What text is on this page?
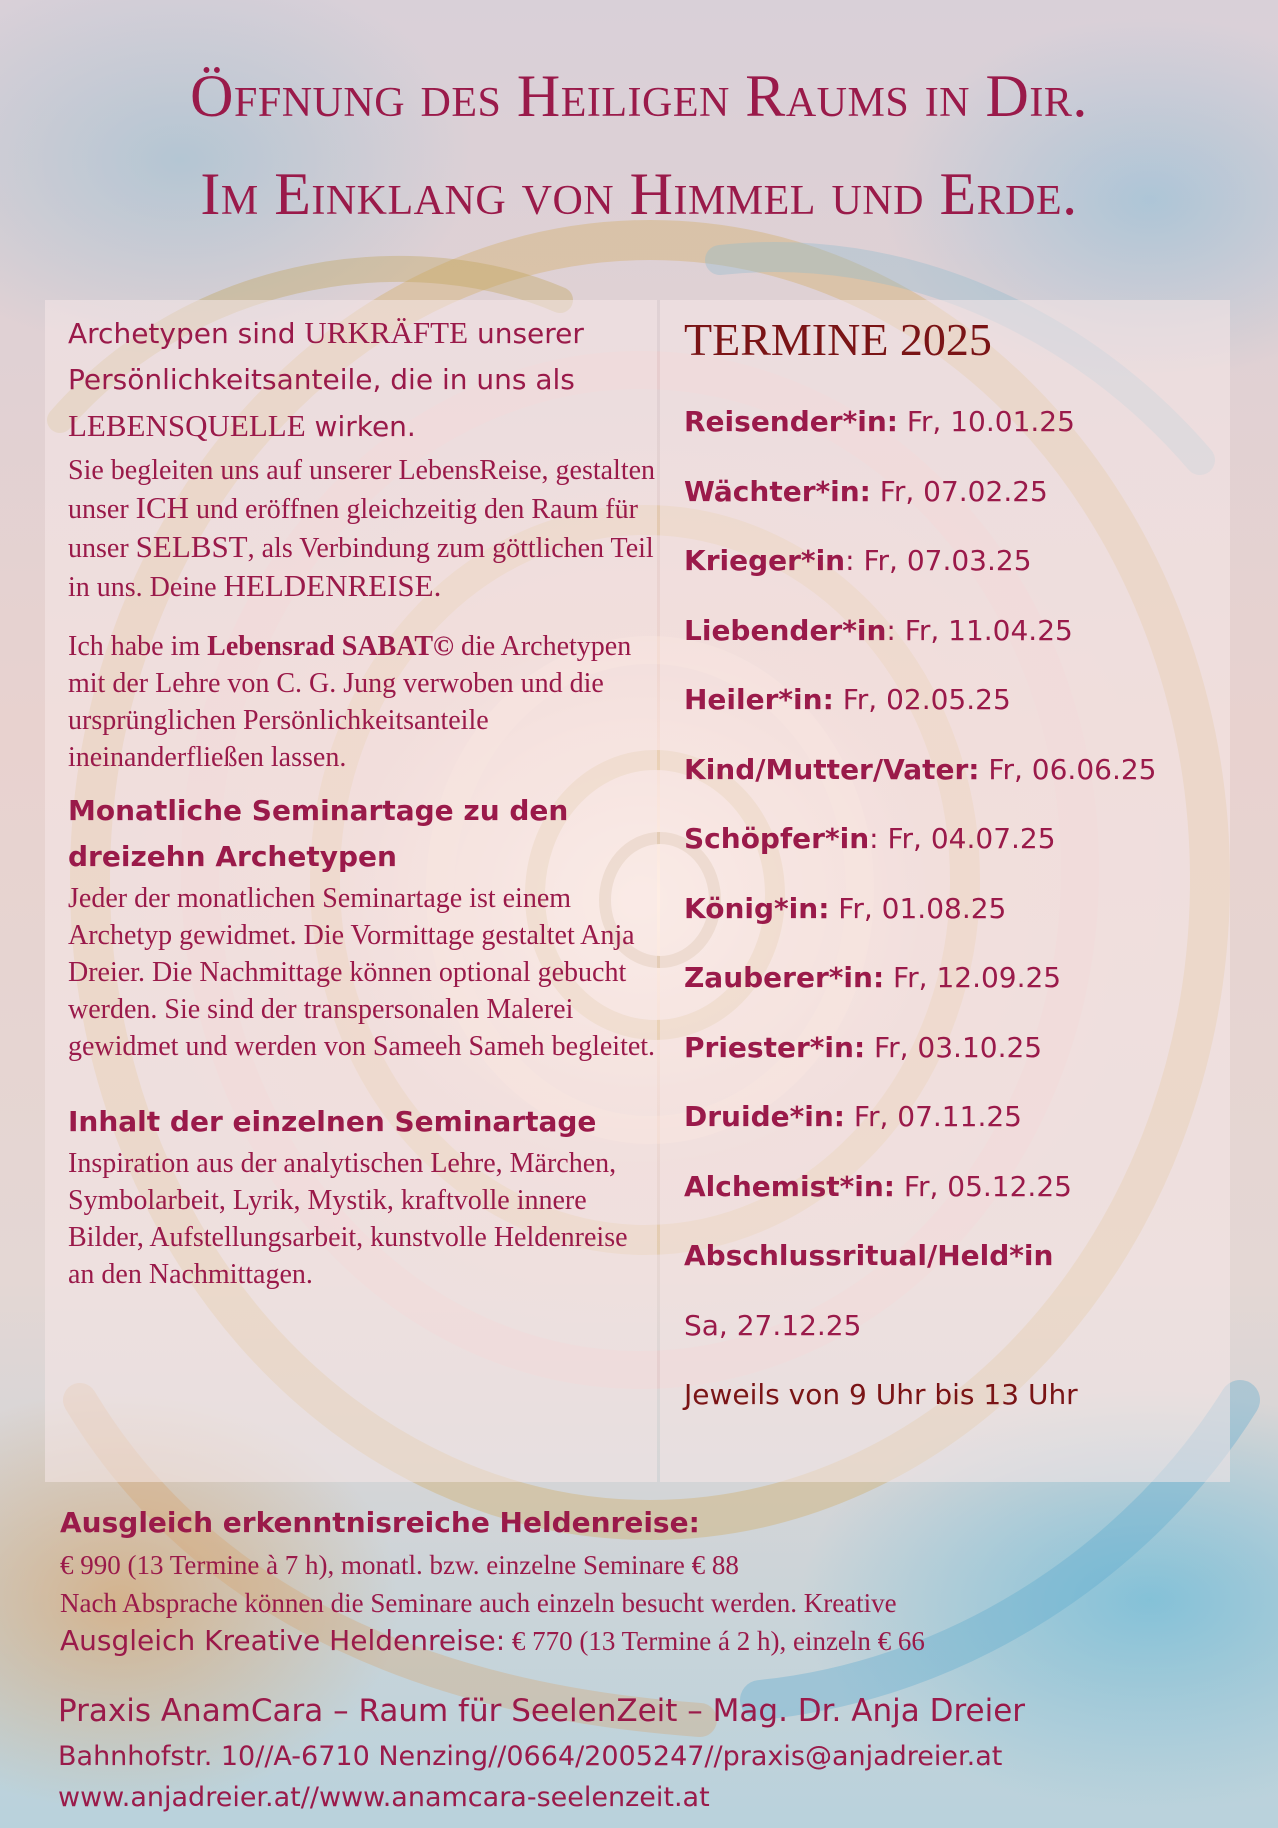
Öffnung des Heiligen Raums in Dir.
Im Einklang von Himmel und Erde.

Archetypen sind URKRÄFTE unserer Persönlichkeitsanteile, die in uns als LEBENSQUELLE wirken.

Sie begleiten uns auf unserer LebensReise, gestalten unser ICH und eröffnen gleichzeitig den Raum für unser SELBST, als Verbindung zum göttlichen Teil in uns. Deine HELDENREISE.

Ich habe im Lebensrad SABAT© die Archetypen mit der Lehre von C. G. Jung verwoben und die ursprünglichen Persönlichkeitsanteile ineinanderfließen lassen.

Monatliche Seminartage zu den dreizehn Archetypen

Jeder der monatlichen Seminartage ist einem Archetyp gewidmet. Die Vormittage gestaltet Anja Dreier. Die Nachmittage können optional gebucht werden. Sie sind der transpersonalen Malerei gewidmet und werden von Sameeh Sameh begleitet.

Inhalt der einzelnen Seminartage

Inspiration aus der analytischen Lehre, Märchen, Symbolarbeit, Lyrik, Mystik, kraftvolle innere Bilder, Aufstellungsarbeit, kunstvolle Heldenreise an den Nachmittagen.

TERMINE 2025
Reisender*in: Fr, 10.01.25
Wächter*in: Fr, 07.02.25
Krieger*in: Fr, 07.03.25
Liebender*in: Fr, 11.04.25
Heiler*in: Fr, 02.05.25
Kind/Mutter/Vater: Fr, 06.06.25
Schöpfer*in: Fr, 04.07.25
König*in: Fr, 01.08.25
Zauberer*in: Fr, 12.09.25
Priester*in: Fr, 03.10.25
Druide*in: Fr, 07.11.25
Alchemist*in: Fr, 05.12.25
Abschlussritual/Held*in
Sa, 27.12.25

Jeweils von 9 Uhr bis 13 Uhr

Ausgleich erkenntnisreiche Heldenreise:
€ 990 (13 Termine à 7 h), monatl. bzw. einzelne Seminare € 88
Nach Absprache können die Seminare auch einzeln besucht werden. Kreative
Ausgleich Kreative Heldenreise: € 770 (13 Termine á 2 h), einzeln € 66

Praxis AnamCara – Raum für SeelenZeit – Mag. Dr. Anja Dreier

Bahnhofstr. 10//A-6710 Nenzing//0664/2005247//praxis@anjadreier.at

www.anjadreier.at//www.anamcara-seelenzeit.at
